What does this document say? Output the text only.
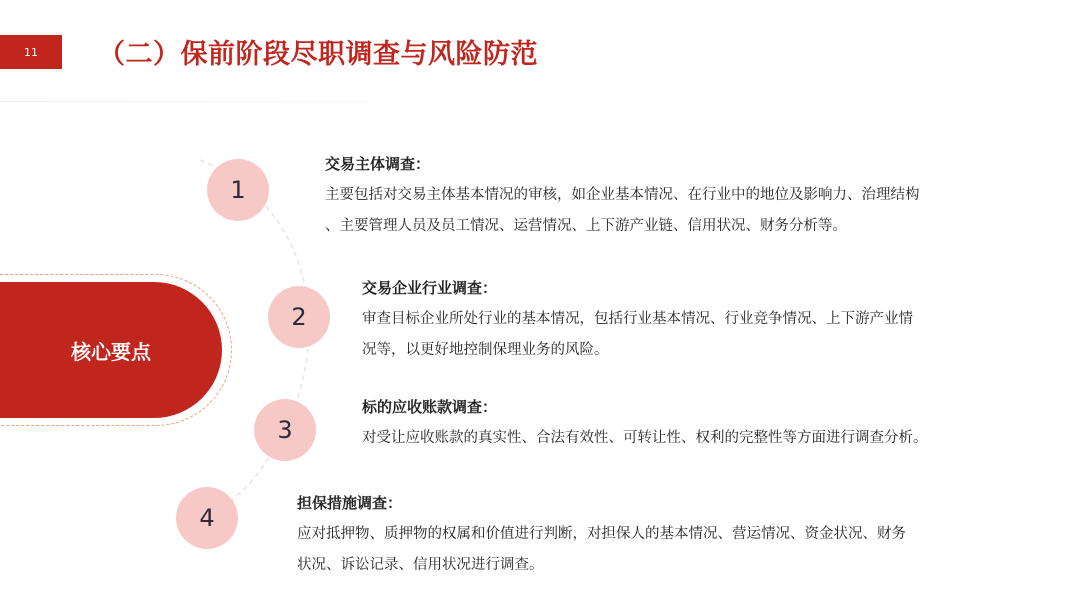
11 （二）保前阶段尽职调查与风险防范
核心要点
1

交易主体调查：

主要包括对交易主体基本情况的审核，如企业基本情况、在行业中的地位及影响力、治理结构
、主要管理人员及员工情况、运营情况、上下游产业链、信用状况、财务分析等。

2

交易企业行业调查：

审查目标企业所处行业的基本情况，包括行业基本情况、行业竞争情况、上下游产业情
况等，以更好地控制保理业务的风险。

3

标的应收账款调查：

对受让应收账款的真实性、合法有效性、可转让性、权利的完整性等方面进行调查分析。

4

担保措施调查：

应对抵押物、质押物的权属和价值进行判断，对担保人的基本情况、营运情况、资金状况、财务
状况、诉讼记录、信用状况进行调查。
